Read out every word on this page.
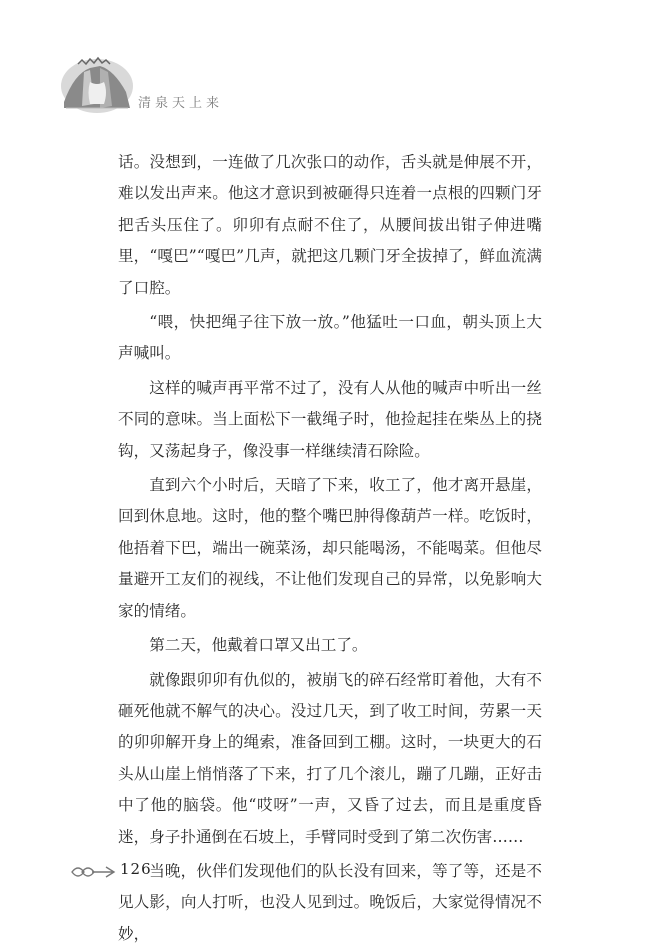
清泉天上来

话。没想到，一连做了几次张口的动作，舌头就是伸展不开，难以发出声来。他这才意识到被砸得只连着一点根的四颗门牙把舌头压住了。卯卯有点耐不住了，从腰间拔出钳子伸进嘴里，“嘎巴”“嘎巴”几声，就把这几颗门牙全拔掉了，鲜血流满了口腔。

“喂，快把绳子往下放一放。”他猛吐一口血，朝头顶上大声喊叫。

这样的喊声再平常不过了，没有人从他的喊声中听出一丝不同的意味。当上面松下一截绳子时，他捡起挂在柴丛上的挠钩，又荡起身子，像没事一样继续清石除险。

直到六个小时后，天暗了下来，收工了，他才离开悬崖，回到休息地。这时，他的整个嘴巴肿得像葫芦一样。吃饭时，他捂着下巴，端出一碗菜汤，却只能喝汤，不能喝菜。但他尽量避开工友们的视线，不让他们发现自己的异常，以免影响大家的情绪。

第二天，他戴着口罩又出工了。

就像跟卯卯有仇似的，被崩飞的碎石经常盯着他，大有不砸死他就不解气的决心。没过几天，到了收工时间，劳累一天的卯卯解开身上的绳索，准备回到工棚。这时，一块更大的石头从山崖上悄悄落了下来，打了几个滚儿，蹦了几蹦，正好击中了他的脑袋。他“哎呀”一声，又昏了过去，而且是重度昏迷，身子扑通倒在石坡上，手臂同时受到了第二次伤害……

当晚，伙伴们发现他们的队长没有回来，等了等，还是不见人影，向人打听，也没人见到过。晚饭后，大家觉得情况不妙，

126
